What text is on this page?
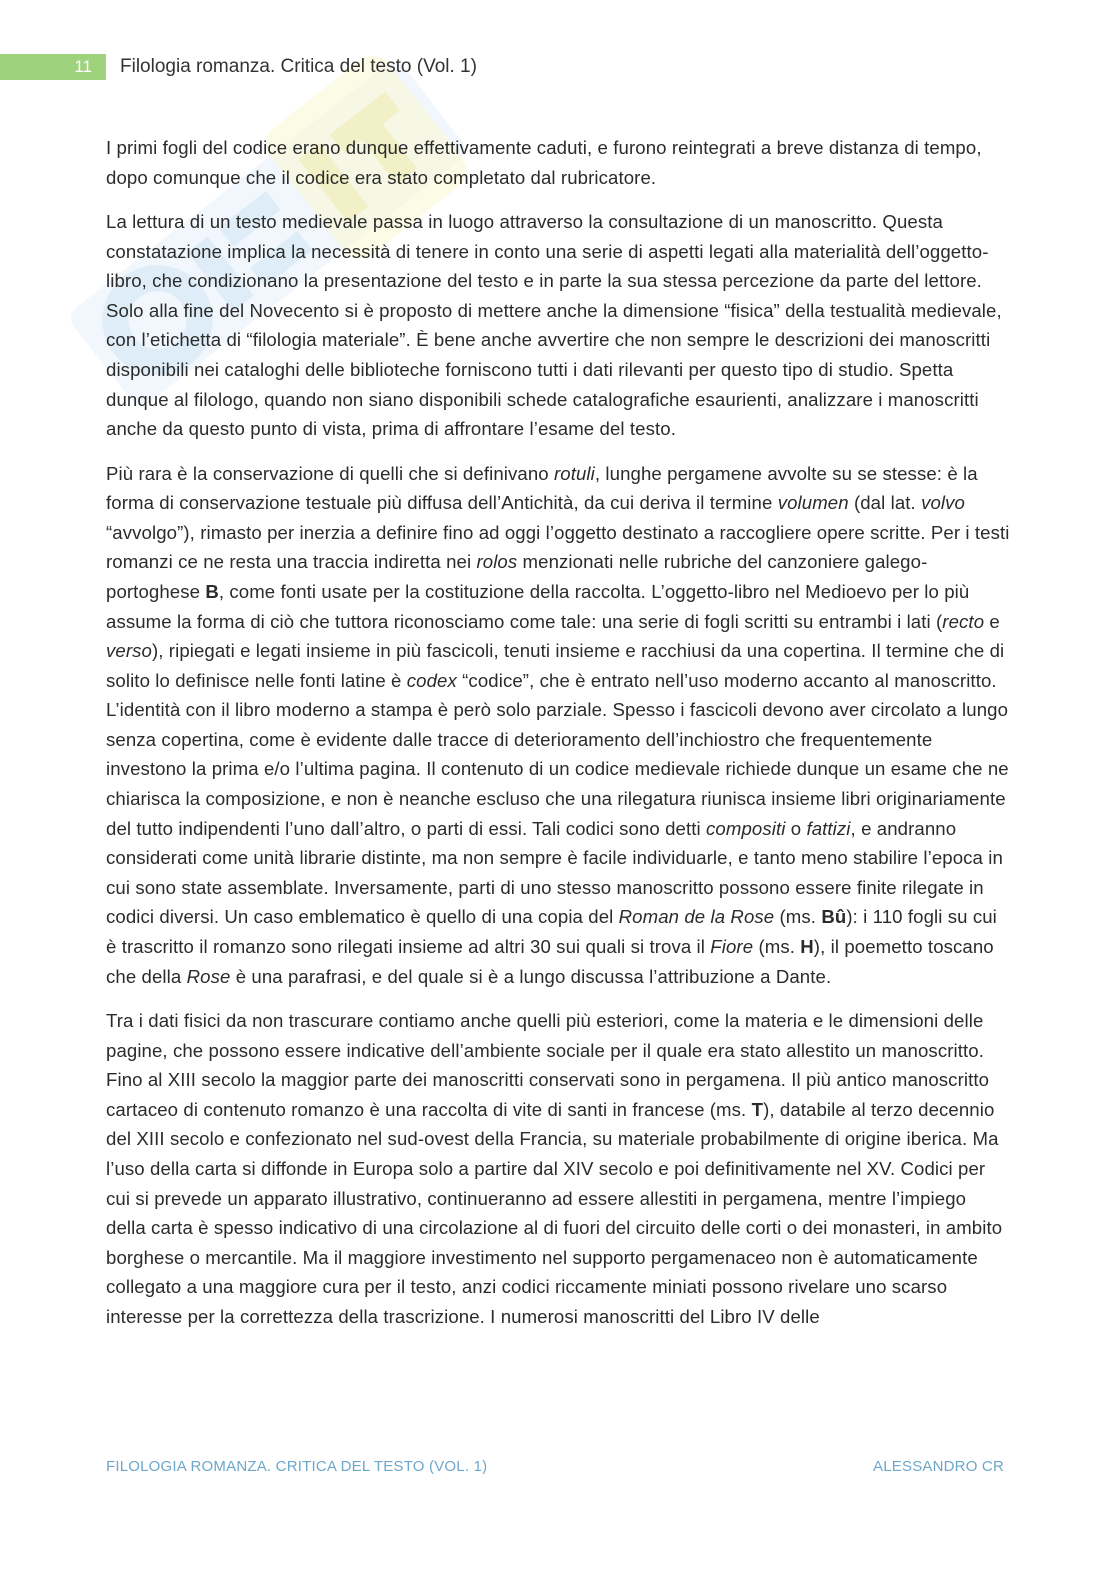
11	Filologia romanza. Critica del testo (Vol. 1)

I primi fogli del codice erano dunque effettivamente caduti, e furono reintegrati a breve distanza di tempo, dopo comunque che il codice era stato completato dal rubricatore.

La lettura di un testo medievale passa in luogo attraverso la consultazione di un manoscritto. Questa constatazione implica la necessità di tenere in conto una serie di aspetti legati alla materialità dell’oggetto-libro, che condizionano la presentazione del testo e in parte la sua stessa percezione da parte del lettore. Solo alla fine del Novecento si è proposto di mettere anche la dimensione “fisica” della testualità medievale, con l’etichetta di “filologia materiale”. È bene anche avvertire che non sempre le descrizioni dei manoscritti disponibili nei cataloghi delle biblioteche forniscono tutti i dati rilevanti per questo tipo di studio. Spetta dunque al filologo, quando non siano disponibili schede catalografiche esaurienti, analizzare i manoscritti anche da questo punto di vista, prima di affrontare l’esame del testo.

Più rara è la conservazione di quelli che si definivano rotuli, lunghe pergamene avvolte su se stesse: è la forma di conservazione testuale più diffusa dell’Antichità, da cui deriva il termine volumen (dal lat. volvo “avvolgo”), rimasto per inerzia a definire fino ad oggi l’oggetto destinato a raccogliere opere scritte. Per i testi romanzi ce ne resta una traccia indiretta nei rolos menzionati nelle rubriche del canzoniere galego-portoghese B, come fonti usate per la costituzione della raccolta. L’oggetto-libro nel Medioevo per lo più assume la forma di ciò che tuttora riconosciamo come tale: una serie di fogli scritti su entrambi i lati (recto e verso), ripiegati e legati insieme in più fascicoli, tenuti insieme e racchiusi da una copertina. Il termine che di solito lo definisce nelle fonti latine è codex “codice”, che è entrato nell’uso moderno accanto al manoscritto.

L’identità con il libro moderno a stampa è però solo parziale. Spesso i fascicoli devono aver circolato a lungo senza copertina, come è evidente dalle tracce di deterioramento dell’inchiostro che frequentemente investono la prima e/o l’ultima pagina. Il contenuto di un codice medievale richiede dunque un esame che ne chiarisca la composizione, e non è neanche escluso che una rilegatura riunisca insieme libri originariamente del tutto indipendenti l’uno dall’altro, o parti di essi. Tali codici sono detti compositi o fattizi, e andranno considerati come unità librarie distinte, ma non sempre è facile individuarle, e tanto meno stabilire l’epoca in cui sono state assemblate. Inversamente, parti di uno stesso manoscritto possono essere finite rilegate in codici diversi. Un caso emblematico è quello di una copia del Roman de la Rose (ms. Bû): i 110 fogli su cui è trascritto il romanzo sono rilegati insieme ad altri 30 sui quali si trova il Fiore (ms. H), il poemetto toscano che della Rose è una parafrasi, e del quale si è a lungo discussa l’attribuzione a Dante.

Tra i dati fisici da non trascurare contiamo anche quelli più esteriori, come la materia e le dimensioni delle pagine, che possono essere indicative dell’ambiente sociale per il quale era stato allestito un manoscritto. Fino al XIII secolo la maggior parte dei manoscritti conservati sono in pergamena. Il più antico manoscritto cartaceo di contenuto romanzo è una raccolta di vite di santi in francese (ms. T), databile al terzo decennio del XIII secolo e confezionato nel sud-ovest della Francia, su materiale probabilmente di origine iberica. Ma l’uso della carta si diffonde in Europa solo a partire dal XIV secolo e poi definitivamente nel XV. Codici per cui si prevede un apparato illustrativo, continueranno ad essere allestiti in pergamena, mentre l’impiego della carta è spesso indicativo di una circolazione al di fuori del circuito delle corti o dei monasteri, in ambito borghese o mercantile. Ma il maggiore investimento nel supporto pergamenaceo non è automaticamente collegato a una maggiore cura per il testo, anzi codici riccamente miniati possono rivelare uno scarso interesse per la correttezza della trascrizione. I numerosi manoscritti del Libro IV delle

FILOLOGIA ROMANZA. CRITICA DEL TESTO (VOL. 1)	ALESSANDRO CR
